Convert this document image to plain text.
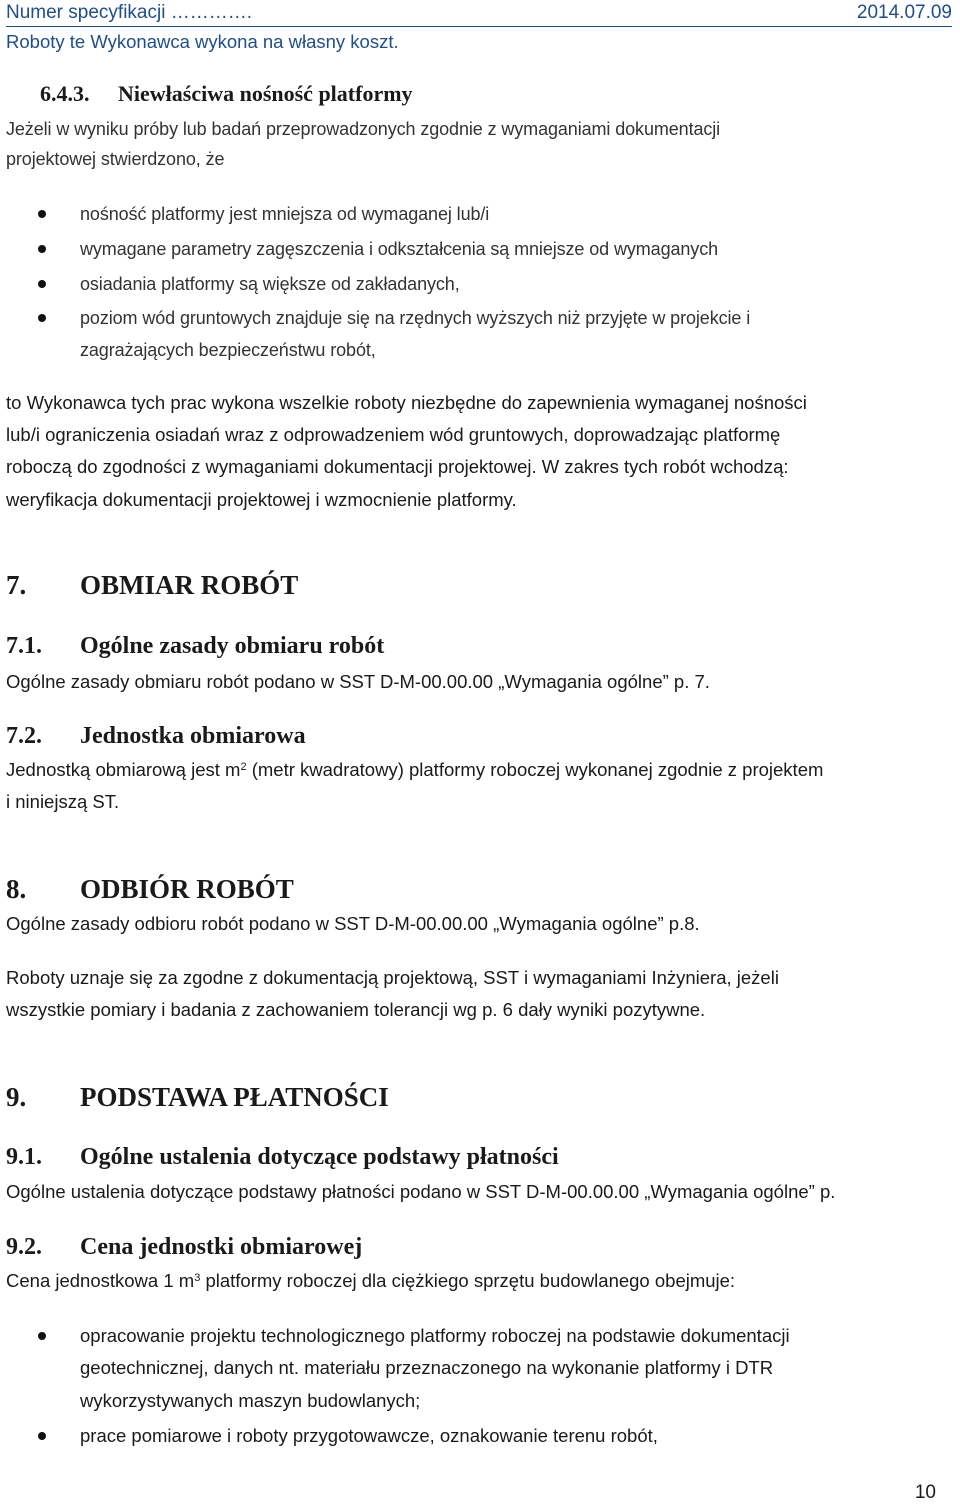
Numer specyfikacji ………….	2014.07.09
Roboty te Wykonawca wykona na własny koszt.
6.4.3. Niewłaściwa nośność platformy
Jeżeli w wyniku próby lub badań przeprowadzonych zgodnie z wymaganiami dokumentacji
projektowej stwierdzono, że
nośność platformy jest mniejsza od wymaganej lub/i
wymagane parametry zagęszczenia i odkształcenia są mniejsze od wymaganych
osiadania platformy są większe od zakładanych,
poziom wód gruntowych znajduje się na rzędnych wyższych niż przyjęte w projekcie i
zagrażających bezpieczeństwu robót,
to Wykonawca tych prac wykona wszelkie roboty niezbędne do zapewnienia wymaganej nośności
lub/i ograniczenia osiadań wraz z odprowadzeniem wód gruntowych, doprowadzając platformę
roboczą do zgodności z wymaganiami dokumentacji projektowej. W zakres tych robót wchodzą:
weryfikacja dokumentacji projektowej i wzmocnienie platformy.
7. OBMIAR ROBÓT
7.1. Ogólne zasady obmiaru robót
Ogólne zasady obmiaru robót podano w SST D-M-00.00.00 „Wymagania ogólne” p. 7.
7.2. Jednostka obmiarowa
Jednostką obmiarową jest $m^2$ (metr kwadratowy) platformy roboczej wykonanej zgodnie z projektem
i niniejszą ST.
8. ODBIÓR ROBÓT
Ogólne zasady odbioru robót podano w SST D-M-00.00.00 „Wymagania ogólne” p.8.
Roboty uznaje się za zgodne z dokumentacją projektową, SST i wymaganiami Inżyniera, jeżeli
wszystkie pomiary i badania z zachowaniem tolerancji wg p. 6 dały wyniki pozytywne.
9. PODSTAWA PŁATNOŚCI
9.1. Ogólne ustalenia dotyczące podstawy płatności
Ogólne ustalenia dotyczące podstawy płatności podano w SST D-M-00.00.00 „Wymagania ogólne” p.
9.2. Cena jednostki obmiarowej
Cena jednostkowa 1 $m^3$ platformy roboczej dla ciężkiego sprzętu budowlanego obejmuje:
opracowanie projektu technologicznego platformy roboczej na podstawie dokumentacji
geotechnicznej, danych nt. materiału przeznaczonego na wykonanie platformy i DTR
wykorzystywanych maszyn budowlanych;
prace pomiarowe i roboty przygotowawcze, oznakowanie terenu robót,
10
